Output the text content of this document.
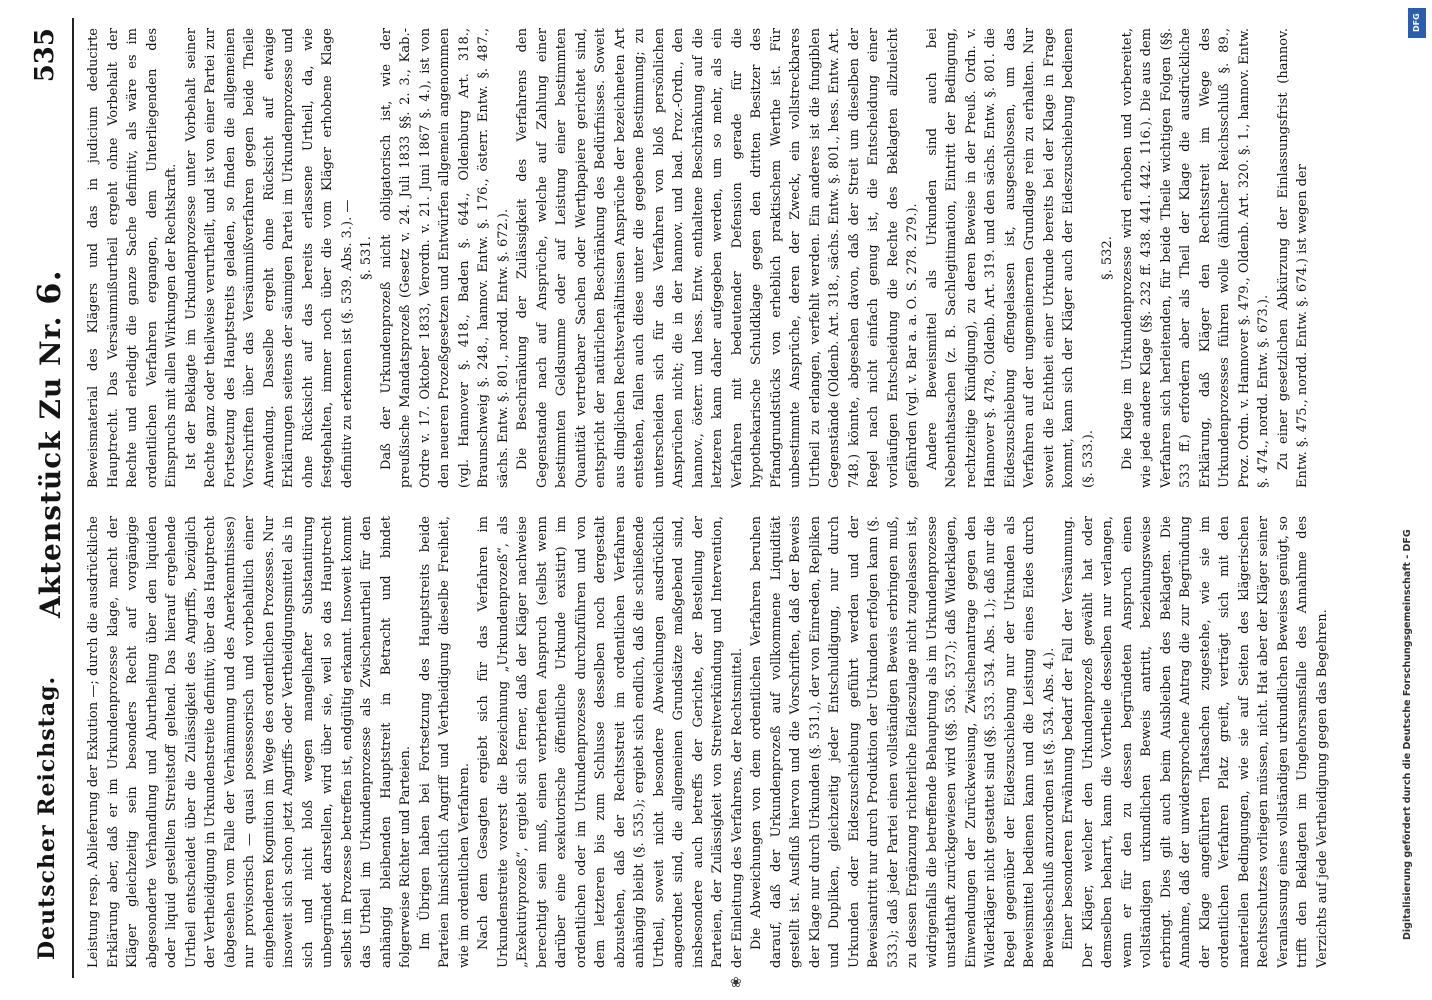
DFG
Digitalisierung gefördert durch die Deutsche Forschungsgemeinschaft - DFG
❀
Deutscher Reichstag.
Aktenstück Zu Nr. 6.
535

Leistung resp. Ablieferung der Exkution —; durch die ausdrückliche Erklärung aber, daß er im Urkundenprozesse klage, macht der Kläger gleichzeitig sein besonders Recht auf vorgängige abgesonderte Verhandlung und Aburtheilung über den liquiden oder liquid gestellten Streitstoff geltend. Das hierauf ergehende Urtheil entscheidet über die Zulässigkeit des Angriffs, bezüglich der Vertheidigung in Urkundenstreite definitiv, über das Hauptrecht (abgesehen vom Falle der Verhämmung und des Anerkenntnisses) nur provisorisch — quasi possessorisch und vorbehaltlich einer eingehenderen Kognition im Wege des ordentlichen Prozesses. Nur insoweit sich schon jetzt Angriffs- oder Vertheidigungsmittel als in sich und nicht bloß wegen mangelhafter Substantiirung unbegründet darstellen, wird über sie, weil so das Hauptrecht selbst im Prozesse betreffen ist, endgültig erkannt. Insoweit kommt das Urtheil im Urkundenprozesse als Zwischenurtheil für den anhängig bleibenden Hauptstreit in Betracht und bindet folgerweise Richter und Parteien. Im Übrigen haben bei Fortsetzung des Hauptstreits beide Parteien hinsichtlich Angriff und Vertheidigung dieselbe Freiheit, wie im ordentlichen Verfahren. Nach dem Gesagten ergiebt sich für das Verfahren im Urkundenstreite vorerst die Bezeichnung „Urkundenprozeß“, als „Exekutivprozeß“, ergiebt sich ferner, daß der Kläger nachweise berechtigt sein muß, einen verbrieften Anspruch (selbst wenn darüber eine exekutorische öffentliche Urkunde existirt) im ordentlichen oder im Urkundenprozesse durchzuführen und von dem letzteren bis zum Schlusse desselben noch dergestalt abzustehen, daß der Rechtsstreit im ordentlichen Verfahren anhängig bleibt (§. 535.); ergiebt sich endlich, daß die schließende Urtheil, soweit nicht besondere Abweichungen ausdrücklich angeordnet sind, die allgemeinen Grundsätze maßgebend sind, insbesondere auch betreffs der Gerichte, der Bestellung der Parteien, der Zulässigkeit von Streitverkündung und Intervention, der Einleitung des Verfahrens, der Rechtsmittel. Die Abweichungen von dem ordentlichen Verfahren beruhen darauf, daß der Urkundenprozeß auf vollkommene Liquidität gestellt ist. Ausfluß hiervon und die Vorschriften, daß der Beweis der Klage nur durch Urkunden (§. 531.), der von Einreden, Repliken und Dupliken, gleichzeitig jeder Entschuldigung, nur durch Urkunden oder Eideszuschiebung geführt werden und der Beweisantritt nur durch Produktion der Urkunden erfolgen kann (§. 533.); daß jeder Partei einen vollständigen Beweis erbringen muß, zu dessen Ergänzung richterliche Eideszulage nicht zugelassen ist, widrigenfalls die betreffende Behauptung als im Urkundenprozesse unstatthaft zurückgewiesen wird (§§. 536. 537.); daß Widerklagen, Einwendungen der Zurückweisung, Zwischenantrage gegen den Widerkläger nicht gestattet sind (§§. 533. 534. Abs. 1.); daß nur die Regel gegenüber der Eideszuschiebung nur der Urkunden als Beweismittel bedienen kann und die Leistung eines Eides durch Beweisbeschluß anzuordnen ist (§. 534. Abs. 4.). Einer besonderen Erwähnung bedarf der Fall der Versäumung. Der Kläger, welcher den Urkundenprozeß gewählt hat oder demselben beharrt, kann die Vortheile desselben nur verlangen, wenn er für den zu dessen begründeten Anspruch einen vollständigen urkundlichen Beweis antritt, beziehungsweise erbringt. Dies gilt auch beim Ausbleiben des Beklagten. Die Annahme, daß der unwidersprochene Antrag die zur Begründung der Klage angeführten Thatsachen zugestehe, wie sie im ordentlichen Verfahren Platz greift, verträgt sich mit den materiellen Bedingungen, wie sie auf Seiten des klägerischen Rechtsschutzes vorliegen müssen, nicht. Hat aber der Kläger seiner Veranlassung eines vollständigen urkundlichen Beweises genügt, so trifft den Beklagten im Ungehorsamsfalle des Annahme des Verzichts auf jede Vertheidigung gegen das Begehren.

Beweismaterial des Klägers und das in judicium deducirte Hauptrecht. Das Versäumnißurtheil ergeht ohne Vorbehalt der Rechte und erledigt die ganze Sache definitiv, als wäre es im ordentlichen Verfahren ergangen, dem Unterliegenden des Einspruchs mit allen Wirkungen der Rechtskraft. Ist der Beklagte im Urkundenprozesse unter Vorbehalt seiner Rechte ganz oder theilweise verurtheilt, und ist von einer Partei zur Fortsetzung des Hauptstreits geladen, so finden die allgemeinen Vorschriften über das Versäumnißverfahren gegen beide Theile Anwendung. Dasselbe ergeht ohne Rücksicht auf etwaige Erklärungen seitens der säumigen Partei im Urkundenprozesse und ohne Rücksicht auf das bereits erlassene Urtheil, da, wie festgehalten, immer noch über die vom Kläger erhobene Klage definitiv zu erkennen ist (§. 539. Abs. 3.). — §. 531. Daß der Urkundenprozeß nicht obligatorisch ist, wie der preußische Mandatsprozeß (Gesetz v. 24. Juli 1833 §§. 2. 3., Kab.-Ordre v. 17. Oktober 1833, Verordn. v. 21. Juni 1867 §. 4.), ist von den neueren Prozeßgesetzen und Entwürfen allgemein angenommen (vgl. Hannover §. 418., Baden §. 644., Oldenburg Art. 318., Braunschweig §. 248., hannov. Entw. §. 176., österr. Entw. §. 487., sächs. Entw. §. 801., nordd. Entw. §. 672.). Die Beschränkung der Zulässigkeit des Verfahrens den Gegenstande nach auf Ansprüche, welche auf Zahlung einer bestimmten Geldsumme oder auf Leistung einer bestimmten Quantität vertretbarer Sachen oder Werthpapiere gerichtet sind, entspricht der natürlichen Beschränkung des Bedürfnisses. Soweit aus dinglichen Rechtsverhältnissen Ansprüche der bezeichneten Art entstehen, fallen auch diese unter die gegebene Bestimmung; zu unterscheiden sich für das Verfahren von bloß persönlichen Ansprüchen nicht; die in der hannov. und bad. Proz.-Ordn., den hannov., österr. und hess. Entw. enthaltene Beschränkung auf die letzteren kann daher aufgegeben werden, um so mehr, als ein Verfahren mit bedeutender Defension gerade für die hypothekarische Schuldklage gegen den dritten Besitzer des Pfandgrundstücks von erheblich praktischem Werthe ist. Für unbestimmte Ansprüche, deren der Zweck, ein vollstreckbares Urtheil zu erlangen, verfehlt werden. Ein anderes ist die fungiblen Gegenstände (Oldenb. Art. 318., sächs. Entw. §. 801., hess. Entw. Art. 748.) könnte, abgesehen davon, daß der Streit um dieselben der Regel nach nicht einfach genug ist, die Entscheidung einer vorläufigen Entscheidung die Rechte des Beklagten allzuleicht gefährden (vgl. v. Bar a. a. O. S. 278. 279.). Andere Beweismittel als Urkunden sind auch bei Nebenthatsachen (z. B. Sachlegitimation, Eintritt der Bedingung, rechtzeitige Kündigung), zu deren Beweise in der Preuß. Ordn. v. Hannover §. 478., Oldenb. Art. 319. und den sächs. Entw. §. 801. die Eideszuschiebung offengelassen ist, ausgeschlossen, um das Verfahren auf der ungemeinernen Grundlage rein zu erhalten. Nur soweit die Echtheit einer Urkunde bereits bei der Klage in Frage kommt, kann sich der Kläger auch der Eideszuschiebung bedienen (§. 533.).

§. 532. Die Klage im Urkundenprozesse wird erhoben und vorbereitet, wie jede andere Klage (§§. 232 ff. 438. 441. 442. 116.). Die aus dem Verfahren sich herleitenden, für beide Theile wichtigen Folgen (§§. 533 ff.) erfordern aber als Theil der Klage die ausdrückliche Erklärung, daß Kläger den Rechtsstreit im Wege des Urkundenprozesses führen wolle (ähnlicher Reichsschluß §. 89., Proz. Ordn. v. Hannover §. 479., Oldenb. Art. 320. §. 1., hannov. Entw. §. 474., nordd. Entw. §. 673.). Zu einer gesetzlichen Abkürzung der Einlassungsfrist (hannov. Entw. §. 475., nordd. Entw. §. 674.) ist wegen der
